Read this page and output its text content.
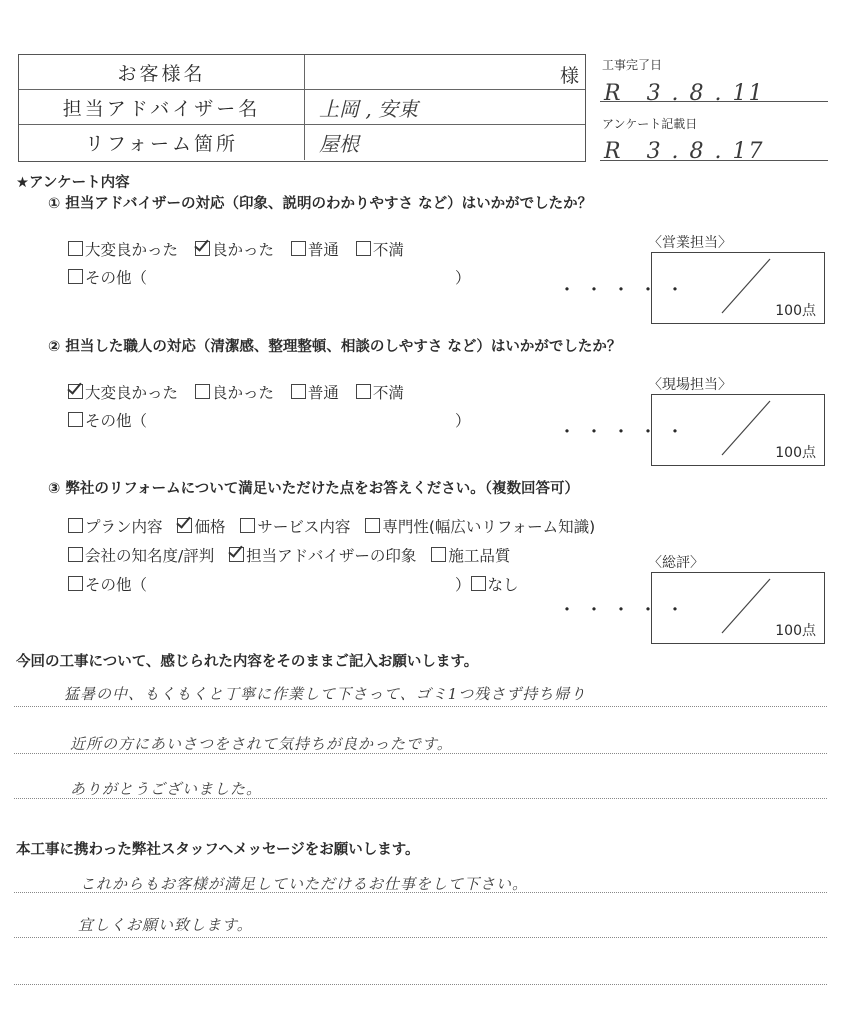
お客様名	様
担当アドバイザー名	上岡 , 安東
リフォーム箇所	屋根
工事完了日
R　3 . 8 . 11
アンケート記載日
R　3 . 8 . 17
★アンケート内容
① 担当アドバイザーの対応（印象、説明のわかりやすさ など）はいかがでしたか？
大変良かった 良かった 普通 不満
その他（	）
・・・・・
〈営業担当〉
100点
② 担当した職人の対応（清潔感、整理整頓、相談のしやすさ など）はいかがでしたか？
大変良かった 良かった 普通 不満
その他（	）
・・・・・
〈現場担当〉
100点
③ 弊社のリフォームについて満足いただけた点をお答えください。（複数回答可）
プラン内容 価格 サービス内容 専門性(幅広いリフォーム知識)
会社の知名度/評判 担当アドバイザーの印象 施工品質
その他（	） なし
・・・・・
〈総評〉
100点
今回の工事について、感じられた内容をそのままご記入お願いします。
猛暑の中、もくもくと丁寧に作業して下さって、ゴミ1つ残さず持ち帰り
近所の方にあいさつをされて気持ちが良かったです。
ありがとうございました。
本工事に携わった弊社スタッフへメッセージをお願いします。
これからもお客様が満足していただけるお仕事をして下さい。
宜しくお願い致します。
